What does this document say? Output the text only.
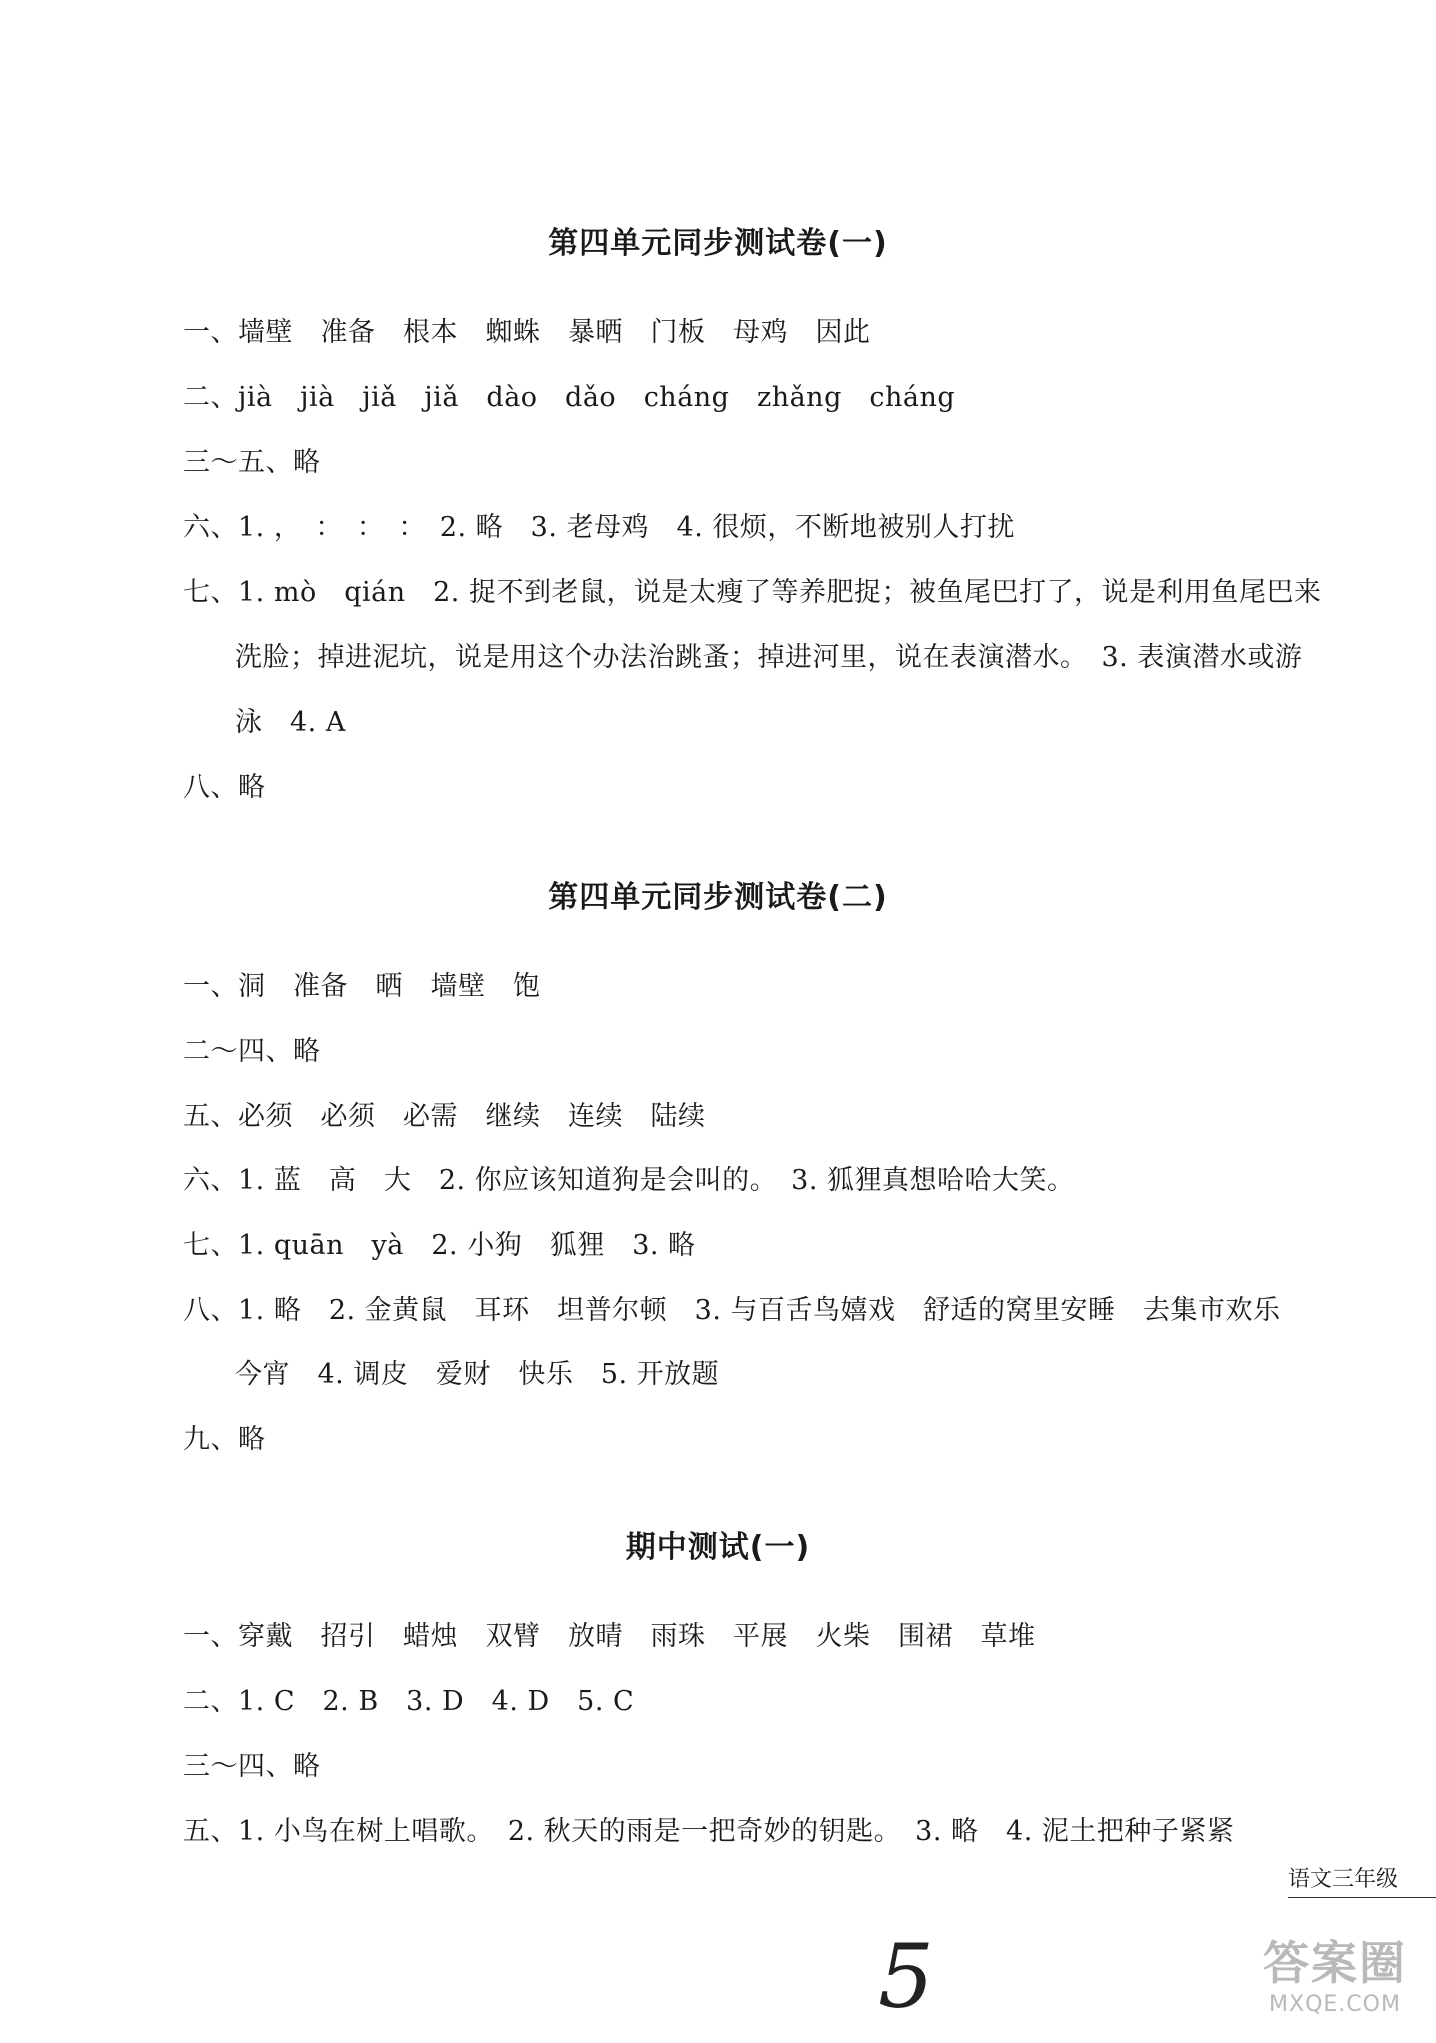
第四单元同步测试卷(一)
一、墙壁　准备　根本　蜘蛛　暴晒　门板　母鸡　因此
二、jià　jià　jiǎ　jiǎ　dào　dǎo　cháng　zhǎng　cháng
三～五、略
六、1. ，　：　：　：　2. 略　3. 老母鸡　4. 很烦，不断地被别人打扰
七、1. mò　qián　2. 捉不到老鼠，说是太瘦了等养肥捉；被鱼尾巴打了，说是利用鱼尾巴来
洗脸；掉进泥坑，说是用这个办法治跳蚤；掉进河里，说在表演潜水。　3. 表演潜水或游
泳　4. A
八、略
第四单元同步测试卷(二)
一、洞　准备　晒　墙壁　饱
二～四、略
五、必须　必须　必需　继续　连续　陆续
六、1. 蓝　高　大　2. 你应该知道狗是会叫的。　3. 狐狸真想哈哈大笑。
七、1. quān　yà　2. 小狗　狐狸　3. 略
八、1. 略　2. 金黄鼠　耳环　坦普尔顿　3. 与百舌鸟嬉戏　舒适的窝里安睡　去集市欢乐
今宵　4. 调皮　爱财　快乐　5. 开放题
九、略
期中测试(一)
一、穿戴　招引　蜡烛　双臂　放晴　雨珠　平展　火柴　围裙　草堆
二、1. C　2. B　3. D　4. D　5. C
三～四、略
五、1. 小鸟在树上唱歌。　2. 秋天的雨是一把奇妙的钥匙。　3. 略　4. 泥土把种子紧紧
语文三年级
5	答案圈
MXQE.COM
